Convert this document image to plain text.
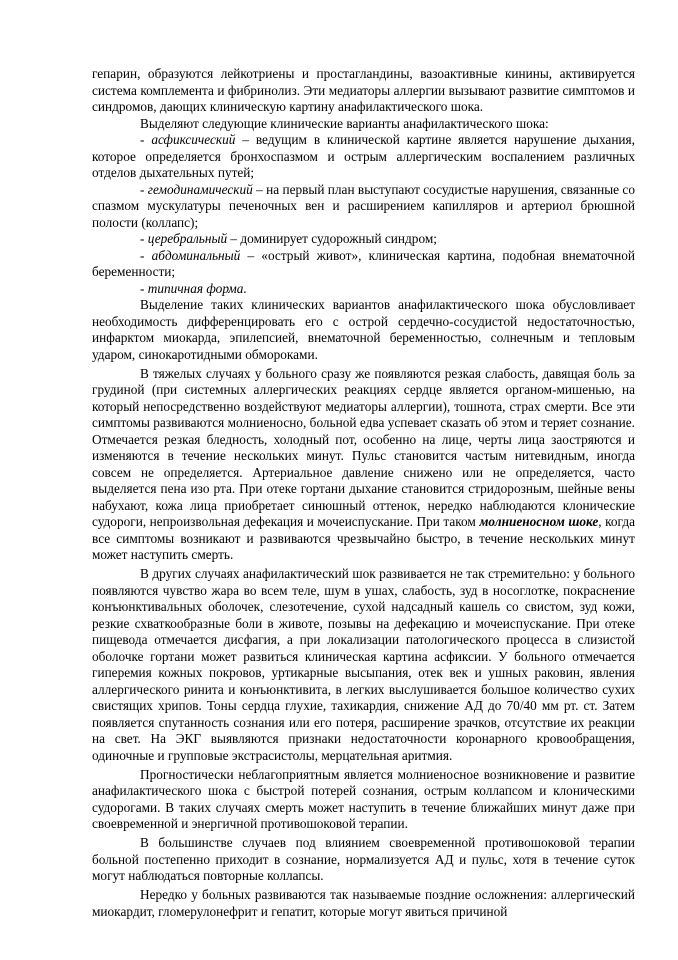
гепарин, образуются лейкотриены и простагландины, вазоактивные кинины, активируется система комплемента и фибринолиз. Эти медиаторы аллергии вызывают развитие симптомов и синдромов, дающих клиническую картину анафилактического шока.

Выделяют следующие клинические варианты анафилактического шока:

- асфиксический – ведущим в клинической картине является нарушение дыхания, которое определяется бронхоспазмом и острым аллергическим воспалением различных отделов дыхательных путей;

- гемодинамический – на первый план выступают сосудистые нарушения, связанные со спазмом мускулатуры печеночных вен и расширением капилляров и артериол брюшной полости (коллапс);

- церебральный – доминирует судорожный синдром;

- абдоминальный – «острый живот», клиническая картина, подобная внематочной беременности;

- типичная форма.

Выделение таких клинических вариантов анафилактического шока обусловливает необходимость дифференцировать его с острой сердечно-сосудистой недостаточностью, инфарктом миокарда, эпилепсией, внематочной беременностью, солнечным и тепловым ударом, синокаротидными обмороками.

В тяжелых случаях у больного сразу же появляются резкая слабость, давящая боль за грудиной (при системных аллергических реакциях сердце является органом-мишенью, на который непосредственно воздействуют медиаторы аллергии), тошнота, страх смерти. Все эти симптомы развиваются молниеносно, больной едва успевает сказать об этом и теряет сознание. Отмечается резкая бледность, холодный пот, особенно на лице, черты лица заостряются и изменяются в течение нескольких минут. Пульс становится частым нитевидным, иногда совсем не определяется. Артериальное давление снижено или не определяется, часто выделяется пена изо рта. При отеке гортани дыхание становится стридорозным, шейные вены набухают, кожа лица приобретает синюшный оттенок, нередко наблюдаются клонические судороги, непроизвольная дефекация и мочеиспускание. При таком молниеносном шоке, когда все симптомы возникают и развиваются чрезвычайно быстро, в течение нескольких минут может наступить смерть.

В других случаях анафилактический шок развивается не так стремительно: у больного появляются чувство жара во всем теле, шум в ушах, слабость, зуд в носоглотке, покраснение конъюнктивальных оболочек, слезотечение, сухой надсадный кашель со свистом, зуд кожи, резкие схваткообразные боли в животе, позывы на дефекацию и мочеиспускание. При отеке пищевода отмечается дисфагия, а при локализации патологического процесса в слизистой оболочке гортани может развиться клиническая картина асфиксии. У больного отмечается гиперемия кожных покровов, уртикарные высыпания, отек век и ушных раковин, явления аллергического ринита и конъюнктивита, в легких выслушивается большое количество сухих свистящих хрипов. Тоны сердца глухие, тахикардия, снижение АД до 70/40 мм рт. ст. Затем появляется спутанность сознания или его потеря, расширение зрачков, отсутствие их реакции на свет. На ЭКГ выявляются признаки недостаточности коронарного кровообращения, одиночные и групповые экстрасистолы, мерцательная аритмия.

Прогностически неблагоприятным является молниеносное возникновение и развитие анафилактического шока с быстрой потерей сознания, острым коллапсом и клоническими судорогами. В таких случаях смерть может наступить в течение ближайших минут даже при своевременной и энергичной противошоковой терапии.

В большинстве случаев под влиянием своевременной противошоковой терапии больной постепенно приходит в сознание, нормализуется АД и пульс, хотя в течение суток могут наблюдаться повторные коллапсы.

Нередко у больных развиваются так называемые поздние осложнения: аллергический миокардит, гломерулонефрит и гепатит, которые могут явиться причиной
